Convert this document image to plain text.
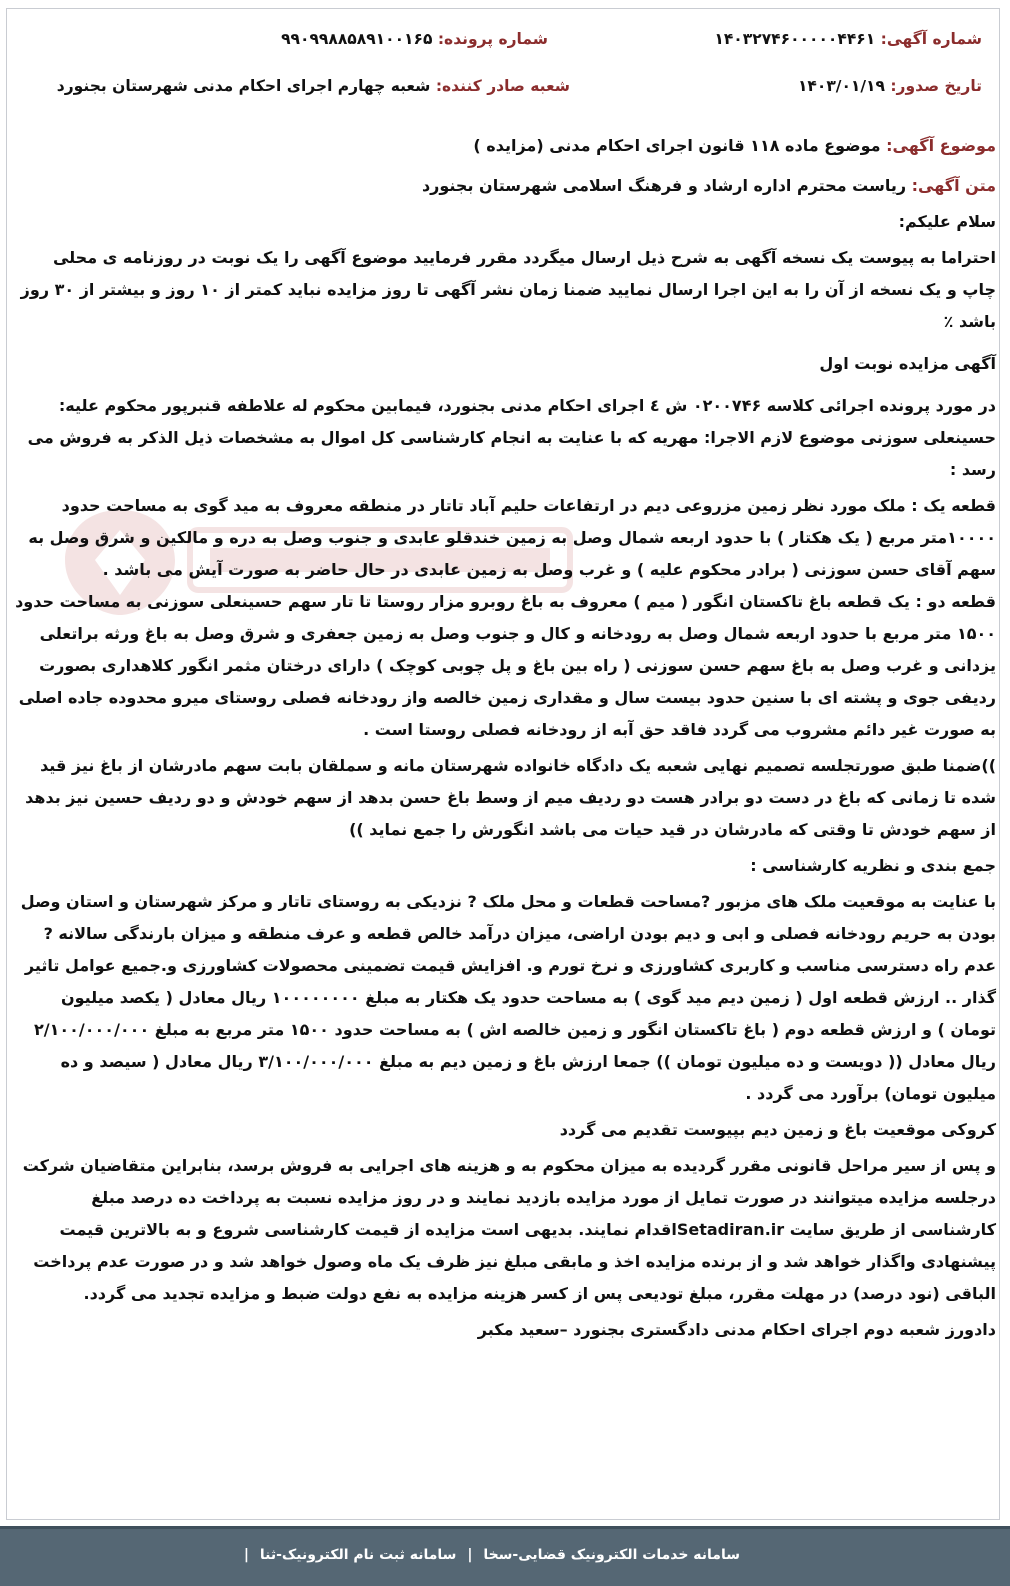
شماره آگهی: ۱۴۰۳۲۷۴۶۰۰۰۰۰۴۴۶۱
شماره پرونده: ۹۹۰۹۹۸۸۵۸۹۱۰۰۱۶۵
تاریخ صدور: ۱۴۰۳/۰۱/۱۹
شعبه صادر کننده: شعبه چهارم اجرای احکام مدنی شهرستان بجنورد

موضوع آگهی: موضوع ماده ۱۱۸ قانون اجرای احکام مدنی (مزایده )

متن آگهی: ریاست محترم اداره ارشاد و فرهنگ اسلامی شهرستان بجنورد

سلام علیکم:

احتراما به پیوست یک نسخه آگهی به شرح ذیل ارسال میگردد مقرر فرمایید موضوع آگهی را یک نوبت در روزنامه ی محلی چاپ و یک نسخه از آن را به این اجرا ارسال نمایید ضمنا زمان نشر آگهی تا روز مزایده نباید کمتر از ۱۰ روز و بیشتر از ۳۰ روز باشد ٪

آگهی مزایده نوبت اول

در مورد پرونده اجرائی کلاسه ۰۲۰۰۷۴۶ ش ٤ اجرای احکام مدنی بجنورد، فیمابین محکوم له علاطفه قنبرپور محکوم علیه: حسینعلی سوزنی موضوع لازم الاجرا: مهریه که با عنایت به انجام کارشناسی کل اموال به مشخصات ذیل الذکر به فروش می رسد :

قطعه یک : ملک مورد نظر زمین مزروعی دیم در ارتفاعات حلیم آباد تاتار در منطقه معروف به مید گوی به مساحت حدود ۱۰۰۰۰متر مربع ( یک هکتار ) با حدود اربعه شمال وصل به زمین خندقلو عابدی و جنوب وصل به دره و مالکین و شرق وصل به سهم آقای حسن سوزنی ( برادر محکوم علیه ) و غرب وصل به زمین عابدی در حال حاضر به صورت آیش می باشد .

قطعه دو : یک قطعه باغ تاکستان انگور ( میم ) معروف به باغ روبرو مزار روستا تا تار سهم حسینعلی سوزنی به مساحت حدود ۱۵۰۰ متر مربع با حدود اربعه شمال وصل به رودخانه و کال و جنوب وصل به زمین جعفری و شرق وصل به باغ ورثه براتعلی یزدانی و غرب وصل به باغ سهم حسن سوزنی ( راه بین باغ و پل چوبی کوچک ) دارای درختان مثمر انگور کلاهداری بصورت ردیفی جوی و پشته ای با سنین حدود بیست سال و مقداری زمین خالصه واز رودخانه فصلی روستای میرو محدوده جاده اصلی به صورت غیر دائم مشروب می گردد فاقد حق آبه از رودخانه فصلی روستا است .

))ضمنا طبق صورتجلسه تصمیم نهایی شعبه یک دادگاه خانواده شهرستان مانه و سملقان بابت سهم مادرشان از باغ نیز قید شده تا زمانی که باغ در دست دو برادر هست دو ردیف میم از وسط باغ حسن بدهد از سهم خودش و دو ردیف حسین نیز بدهد از سهم خودش تا وقتی که مادرشان در قید حیات می باشد انگورش را جمع نماید ))

جمع بندی و نظریه کارشناسی :

با عنایت به موقعیت ملک های مزبور ?مساحت قطعات و محل ملک ? نزدیکی به روستای تاتار و مرکز شهرستان و استان وصل بودن به حریم رودخانه فصلی و ابی و دیم بودن اراضی، میزان درآمد خالص قطعه و عرف منطقه و میزان بارندگی سالانه ? عدم راه دسترسی مناسب و کاربری کشاورزی و نرخ تورم و. افزایش قیمت تضمینی محصولات کشاورزی و.جمیع عوامل تاثیر گذار .. ارزش قطعه اول ( زمین دیم مید گوی ) به مساحت حدود یک هکتار به مبلغ ۱۰۰۰۰۰۰۰۰ ریال معادل ( یکصد میلیون تومان ) و ارزش قطعه دوم ( باغ تاکستان انگور و زمین خالصه اش ) به مساحت حدود ۱۵۰۰ متر مربع به مبلغ ۲/۱۰۰/۰۰۰/۰۰۰ ریال معادل (( دویست و ده میلیون تومان )) جمعا ارزش باغ و زمین دیم به مبلغ ۳/۱۰۰/۰۰۰/۰۰۰ ریال معادل ( سیصد و ده میلیون تومان) برآورد می گردد .

کروکی موقعیت باغ و زمین دیم بپیوست تقدیم می گردد

و پس از سیر مراحل قانونی مقرر گردیده به میزان محکوم به و هزینه های اجرایی به فروش برسد، بنابراین متقاضیان شرکت درجلسه مزایده میتوانند در صورت تمایل از مورد مزایده بازدید نمایند و در روز مزایده نسبت به پرداخت ده درصد مبلغ کارشناسی از طریق سایت Setadiran.irاقدام نمایند. بدیهی است مزایده از قیمت کارشناسی شروع و به بالاترین قیمت پیشنهادی واگذار خواهد شد و از برنده مزایده اخذ و مابقی مبلغ نیز ظرف یک ماه وصول خواهد شد و در صورت عدم پرداخت الباقی (نود درصد) در مهلت مقرر، مبلغ تودیعی پس از کسر هزینه مزایده به نفع دولت ضبط و مزایده تجدید می گردد.

دادورز شعبه دوم اجرای احکام مدنی دادگستری بجنورد –سعید مکبر

سامانه خدمات الکترونیک قضایی-سخا | سامانه ثبت نام الکترونیک-ثنا |
